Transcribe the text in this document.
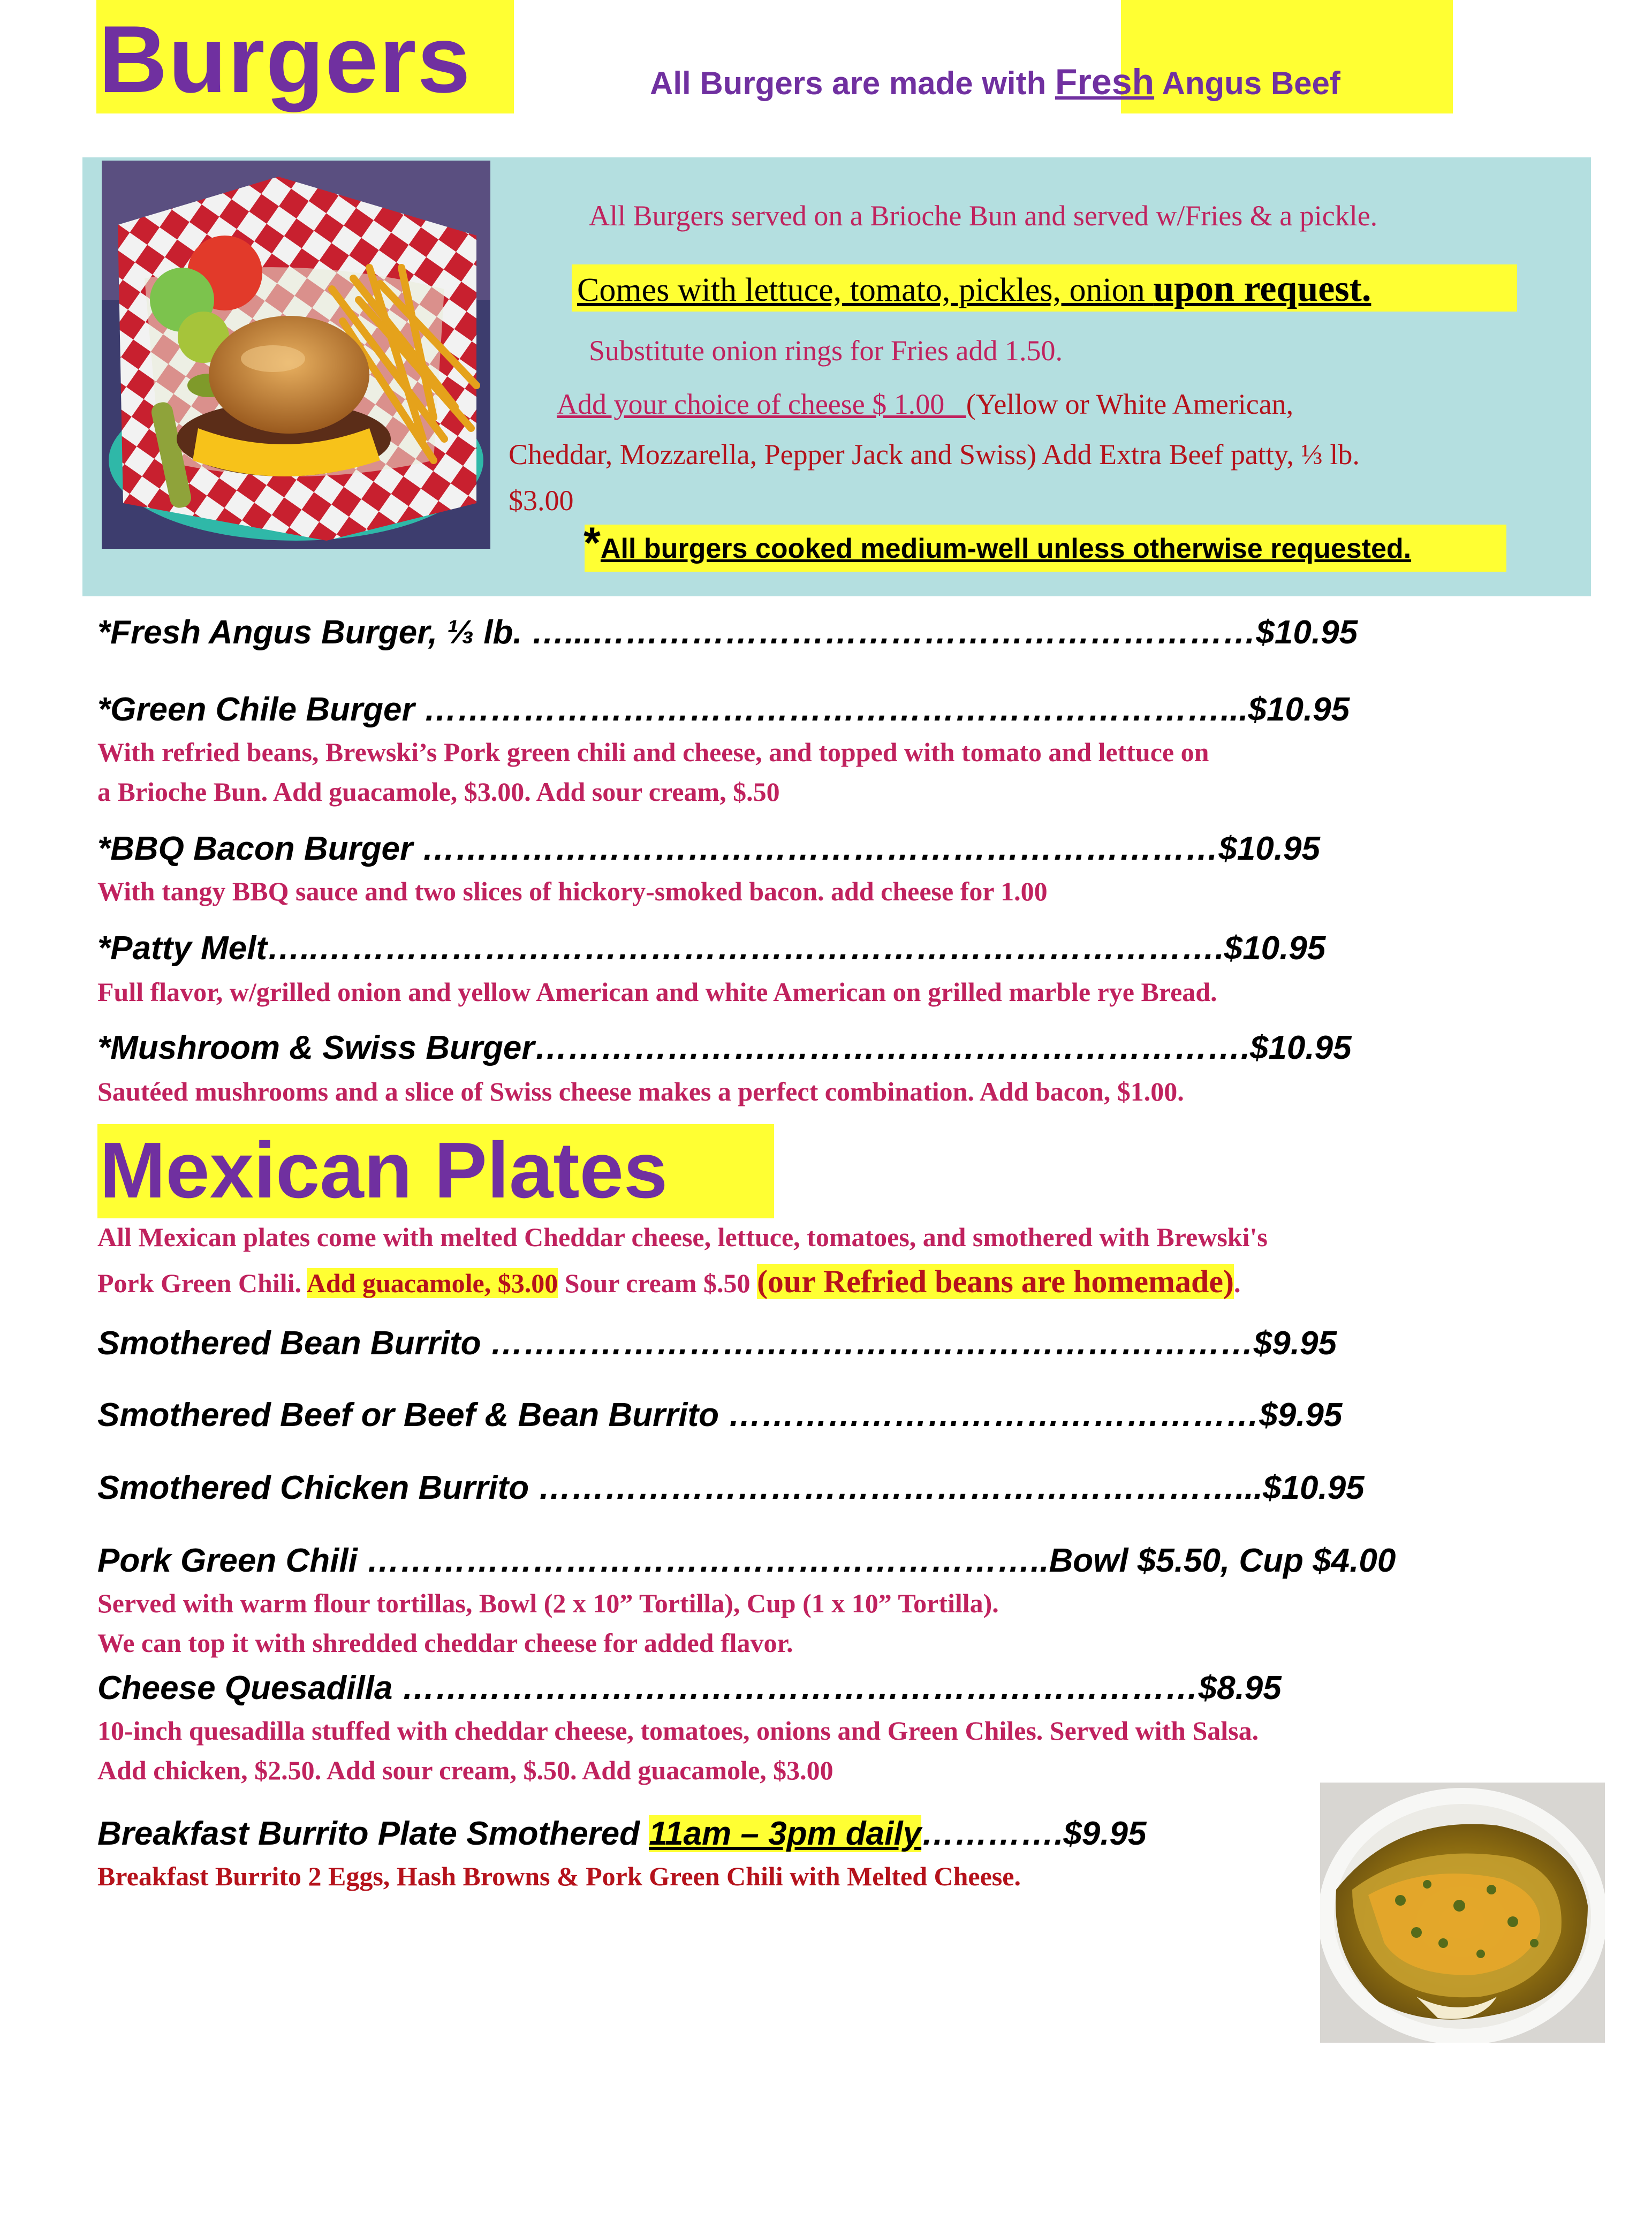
Burgers	All Burgers are made with Fresh Angus Beef
All Burgers served on a Brioche Bun and served w/Fries & a pickle.
Comes with lettuce, tomato, pickles, onion upon request.
Substitute onion rings for Fries add 1.50.
Add your choice of cheese $ 1.00   (Yellow or White American,
Cheddar, Mozzarella, Pepper Jack and Swiss) Add Extra Beef patty, ⅓ lb.
$3.00
*All burgers cooked medium-well unless otherwise requested.
*Fresh Angus Burger, ⅓ lb. …...……………………………………………………$10.95
*Green Chile Burger ………………………………………………………………...$10.95
With refried beans, Brewski’s Pork green chili and cheese, and topped with tomato and lettuce on
a Brioche Bun. Add guacamole, $3.00. Add sour cream, $.50
*BBQ Bacon Burger ………………………………………………………………$10.95
With tangy BBQ sauce and two slices of hickory-smoked bacon. add cheese for 1.00
*Patty Melt…..……………………………………………………………………….$10.95
Full flavor, w/grilled onion and yellow American and white American on grilled marble rye Bread.
*Mushroom & Swiss Burger………………….…………………………………….$10.95
Sautéed mushrooms and a slice of Swiss cheese makes a perfect combination. Add bacon, $1.00.
Mexican Plates
All Mexican plates come with melted Cheddar cheese, lettuce, tomatoes, and smothered with Brewski's
Pork Green Chili. Add guacamole, $3.00 Sour cream $.50 (our Refried beans are homemade).
Smothered Bean Burrito ……………………………………………………………$9.95
Smothered Beef or Beef & Bean Burrito …………………………………………$9.95
Smothered Chicken Burrito ………………………………………………………...$10.95
Pork Green Chili ……………………………………………………..Bowl $5.50, Cup $4.00
Served with warm flour tortillas, Bowl (2 x 10” Tortilla), Cup (1 x 10” Tortilla).
We can top it with shredded cheddar cheese for added flavor.
Cheese Quesadilla ………………………………………………………………$8.95
10-inch quesadilla stuffed with cheddar cheese, tomatoes, onions and Green Chiles. Served with Salsa.
Add chicken, $2.50. Add sour cream, $.50. Add guacamole, $3.00
Breakfast Burrito Plate Smothered 11am – 3pm daily………….$9.95
Breakfast Burrito 2 Eggs, Hash Browns & Pork Green Chili with Melted Cheese.
